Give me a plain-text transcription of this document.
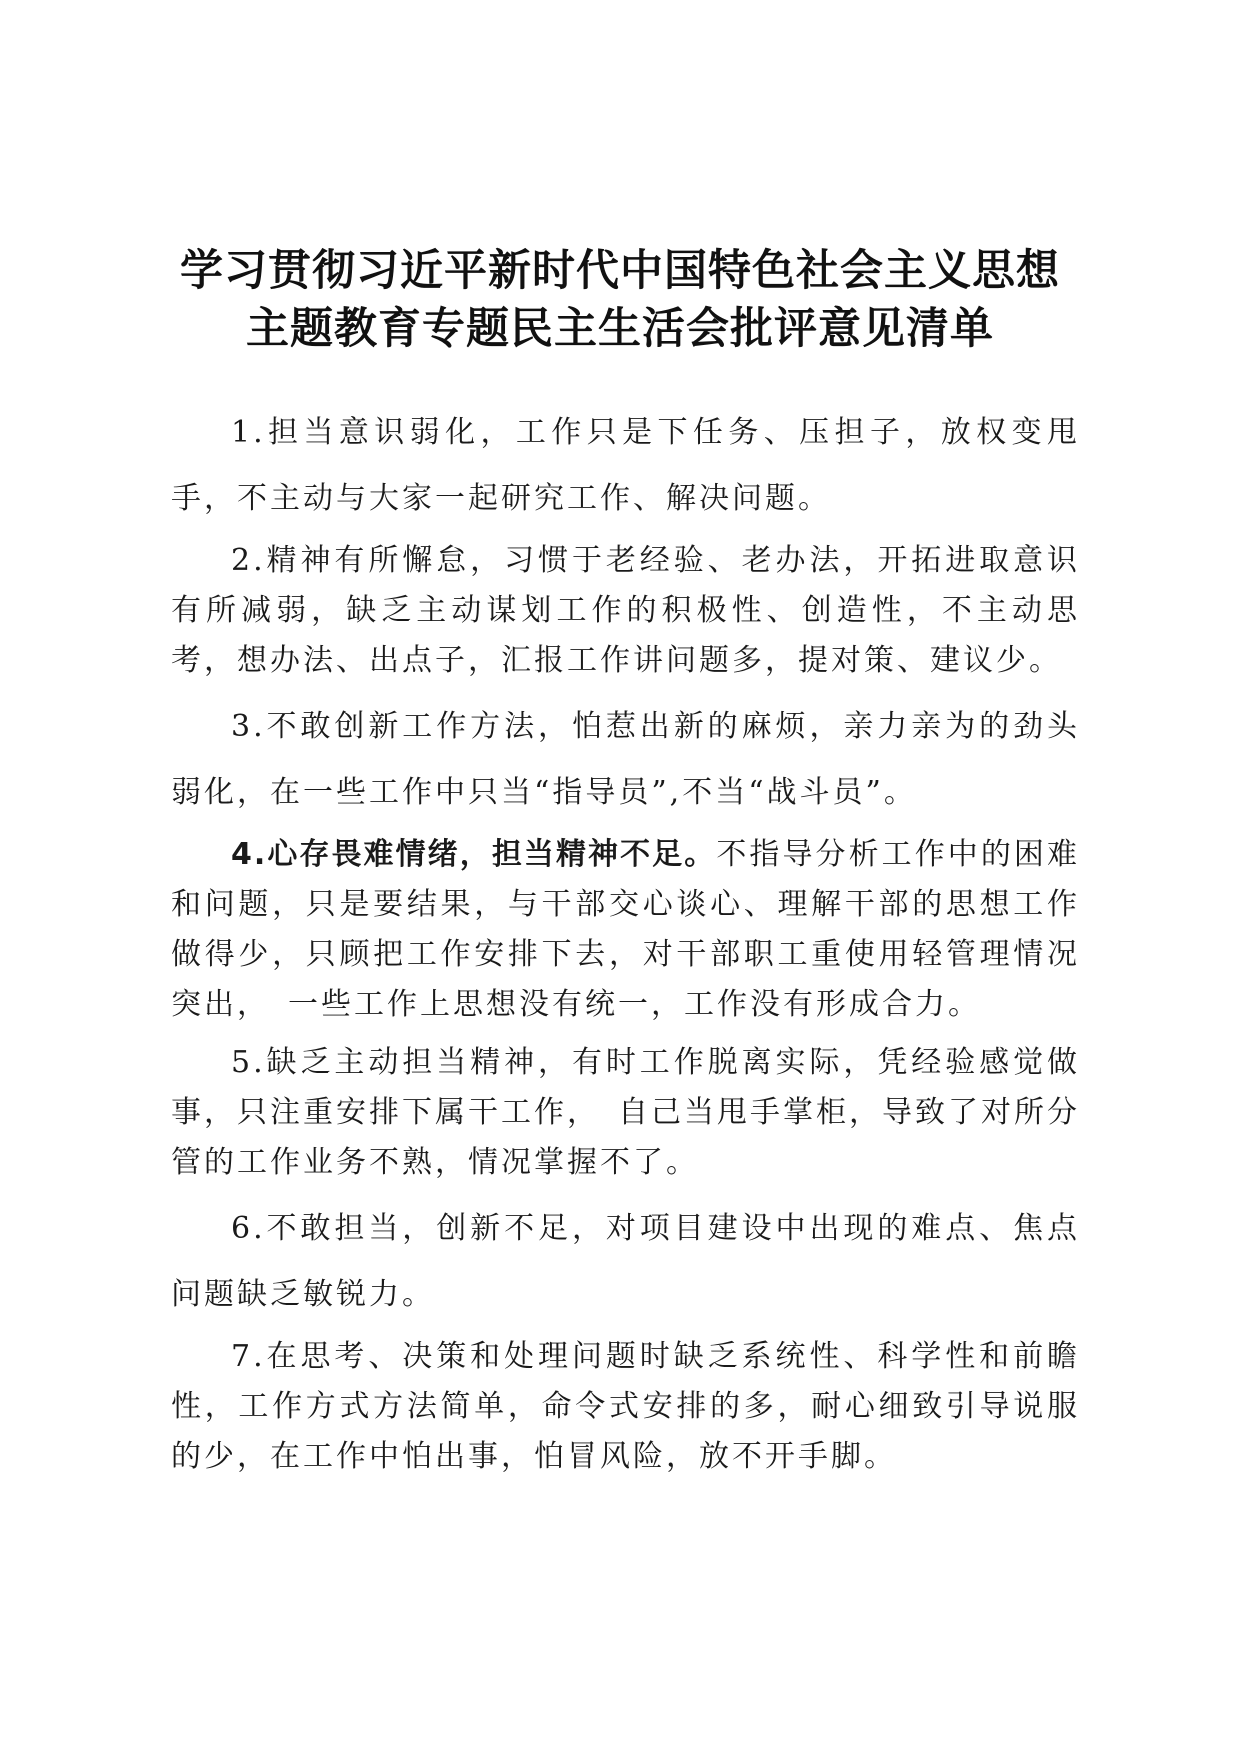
学习贯彻习近平新时代中国特色社会主义思想
主题教育专题民主生活会批评意见清单

1.担当意识弱化，工作只是下任务、压担子，放权变甩手，不主动与大家一起研究工作、解决问题。

2.精神有所懈怠，习惯于老经验、老办法，开拓进取意识有所减弱，缺乏主动谋划工作的积极性、创造性，不主动思考，想办法、出点子，汇报工作讲问题多，提对策、建议少。

3.不敢创新工作方法，怕惹出新的麻烦，亲力亲为的劲头弱化，在一些工作中只当“指导员”,不当“战斗员”。

4.心存畏难情绪，担当精神不足。不指导分析工作中的困难和问题，只是要结果，与干部交心谈心、理解干部的思想工作做得少，只顾把工作安排下去，对干部职工重使用轻管理情况突出，　一些工作上思想没有统一，工作没有形成合力。

5.缺乏主动担当精神，有时工作脱离实际，凭经验感觉做事，只注重安排下属干工作，　自己当甩手掌柜，导致了对所分管的工作业务不熟，情况掌握不了。

6.不敢担当，创新不足，对项目建设中出现的难点、焦点问题缺乏敏锐力。

7.在思考、决策和处理问题时缺乏系统性、科学性和前瞻性，工作方式方法简单，命令式安排的多，耐心细致引导说服的少，在工作中怕出事，怕冒风险，放不开手脚。
